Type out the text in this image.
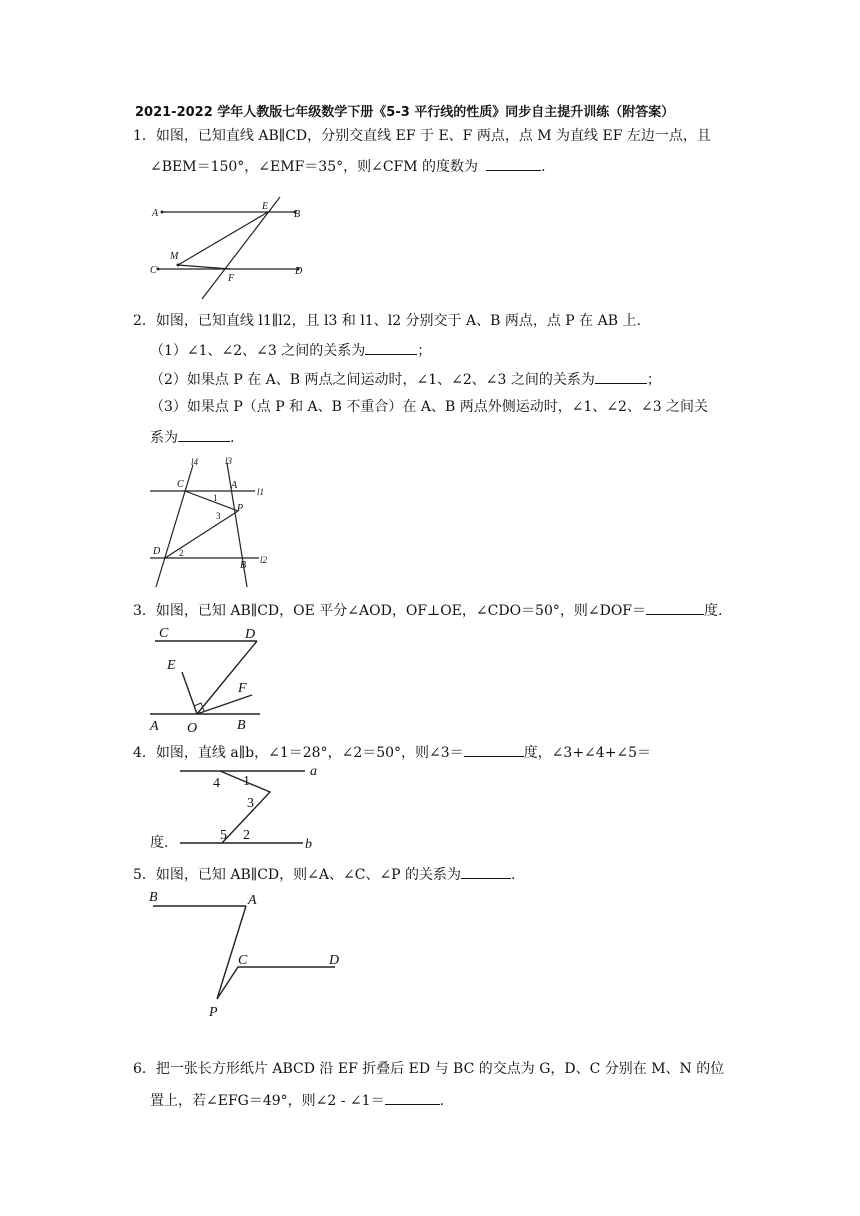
2021-2022 学年人教版七年级数学下册《5-3 平行线的性质》同步自主提升训练（附答案）
1．如图，已知直线 AB∥CD，分别交直线 EF 于 E、F 两点，点 M 为直线 EF 左边一点，且
∠BEM＝150°，∠EMF＝35°，则∠CFM 的度数为	.
A	B
C	D
E
F
M
2．如图，已知直线 l1∥l2，且 l3 和 l1、l2 分别交于 A、B 两点，点 P 在 AB 上.
（1）∠1、∠2、∠3 之间的关系为	；
（2）如果点 P 在 A、B 两点之间运动时，∠1、∠2、∠3 之间的关系为	；
（3）如果点 P（点 P 和 A、B 不重合）在 A、B 两点外侧运动时，∠1、∠2、∠3 之间关
系为	.
l4	l3
l1
l2
C	A
P
D
B
1
2
3
3．如图，已知 AB∥CD，OE 平分∠AOD，OF⊥OE，∠CDO＝50°，则∠DOF＝	度.
C	D
E
F
A O	B
4．如图，直线 a∥b，∠1＝28°，∠2＝50°，则∠3＝	度，∠3+∠4+∠5＝
度.
a
b
1
4
3
5 2
5．如图，已知 AB∥CD，则∠A、∠C、∠P 的关系为	.
B	A
C	D
P
6．把一张长方形纸片 ABCD 沿 EF 折叠后 ED 与 BC 的交点为 G，D、C 分别在 M、N 的位
置上，若∠EFG＝49°，则∠2 - ∠1＝	.
